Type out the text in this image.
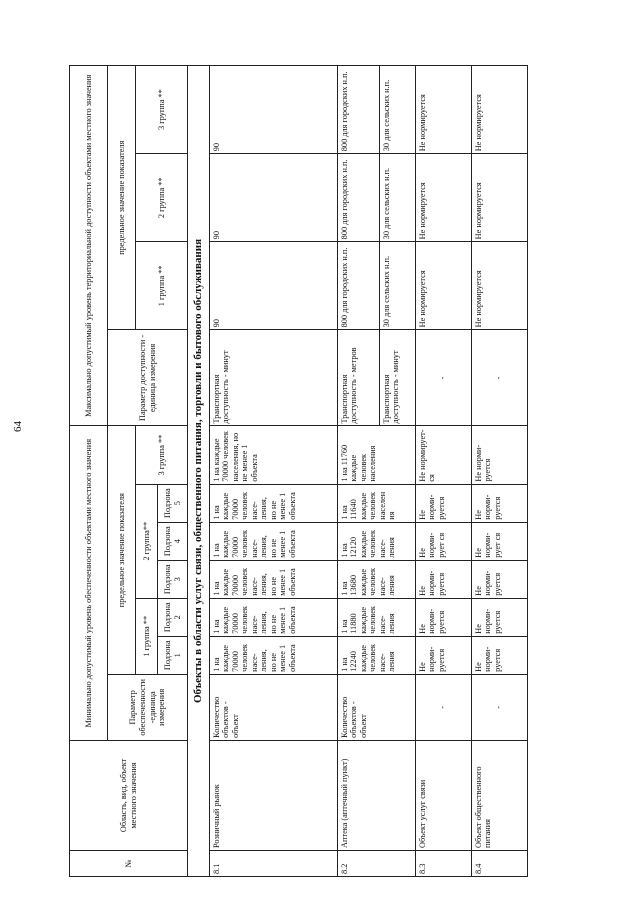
64
№	Область, вид, объект местного значения	Минимально допустимый уровень обеспеченности объектами местного значения							Максимально допустимый уровень территориальной доступности объектами местного значения			
		Параметр обеспеченности -единица измерения	предельное значение показателя						Параметр доступности - единица измерения	предельное значение показателя		
			1 группа **		2 группа**			3 группа **		1 группа **	2 группа **	3 группа **
			Подзона 1	Подзона 2	Подзона 3	Подзона 4	Подзона 5					
Объекты в области услуг связи, общественного питания, торговли и бытового обслуживания												
8.1	Розничный рынок	Количество объектов - объект	1 на каждые 70000 человек насе-ления, но не менее 1 объекта	1 на каждые 70000 человек насе-ления, но не менее 1 объекта	1 на каждые 70000 человек насе-ления, но не менее 1 объекта	1 на каждые 70000 человек насе-ления, но не менее 1 объекта	1 на каждые 70000 человек насе-ления, но не менее 1 объекта	1 на каждые 70000 человек населения, но не менее 1 объекта	Транспортная доступность - минут	90	90	90
8.2	Аптека (аптечный пункт)	Количество объектов - объект	1 на 12240 каждые человек насе-ления	1 на 11880 каждые человек насе-ления	1 на 13680 каждые человек насе-ления	1 на 12120 каждые человек насе-ления	1 на 11640 каждые человек населен ия	1 на 11760 каждые человек населения	Транспортная доступность - метров	800 для городских н.п.	800 для городских н.п.	800 для городских н.п.
									Транспортная доступность - минут	30 для сельских н.п.	30 для сельских н.п.	30 для сельских н.п.
8.3	Объект услуг связи	-	Не норми-руется	Не норми-руется	Не норми-руется	Не норми-рует ся	Не норми-руется	Не нормирует-ся	-	Не нормируется	Не нормируется	Не нормируется
8.4	Объект общественного питания	-	Не норми-руется	Не норми-руется	Не норми-руется	Не норми-рует ся	Не норми-руется	Не норми-руется	-	Не нормируется	Не нормируется	Не нормируется
